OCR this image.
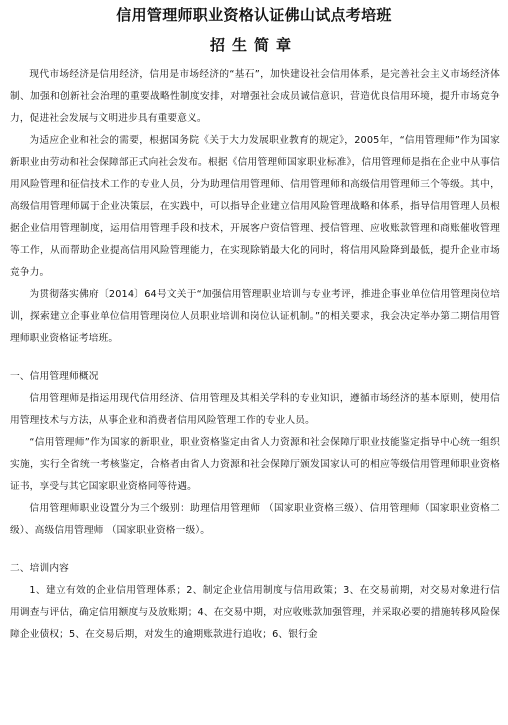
信用管理师职业资格认证佛山试点考培班
招生简章

现代市场经济是信用经济，信用是市场经济的“基石”，加快建设社会信用体系，是完善社会主义市场经济体制、加强和创新社会治理的重要战略性制度安排，对增强社会成员诚信意识，营造优良信用环境，提升市场竞争力，促进社会发展与文明进步具有重要意义。

为适应企业和社会的需要，根据国务院《关于大力发展职业教育的规定》，2005年，“信用管理师”作为国家新职业由劳动和社会保障部正式向社会发布。根据《信用管理师国家职业标准》，信用管理师是指在企业中从事信用风险管理和征信技术工作的专业人员，分为助理信用管理师、信用管理师和高级信用管理师三个等级。其中，高级信用管理师属于企业决策层，在实践中，可以指导企业建立信用风险管理战略和体系，指导信用管理人员根据企业信用管理制度，运用信用管理手段和技术，开展客户资信管理、授信管理、应收账款管理和商账催收管理等工作，从而帮助企业提高信用风险管理能力，在实现除销最大化的同时，将信用风险降到最低，提升企业市场竞争力。

为贯彻落实佛府〔2014〕64号文关于“加强信用管理职业培训与专业考评，推进企事业单位信用管理岗位培训，探索建立企事业单位信用管理岗位人员职业培训和岗位认证机制。”的相关要求，我会决定举办第二期信用管理师职业资格证考培班。

一、信用管理师概况

信用管理师是指运用现代信用经济、信用管理及其相关学科的专业知识，遵循市场经济的基本原则，使用信用管理技术与方法，从事企业和消费者信用风险管理工作的专业人员。

“信用管理师”作为国家的新职业，职业资格鉴定由省人力资源和社会保障厅职业技能鉴定指导中心统一组织实施，实行全省统一考核鉴定，合格者由省人力资源和社会保障厅颁发国家认可的相应等级信用管理师职业资格证书，享受与其它国家职业资格同等待遇。

信用管理师职业设置分为三个级别：助理信用管理师 （国家职业资格三级）、信用管理师（国家职业资格二级）、高级信用管理师 （国家职业资格一级）。

二、培训内容

1、建立有效的企业信用管理体系；2、制定企业信用制度与信用政策；3、在交易前期，对交易对象进行信用调查与评估，确定信用额度与及放账期；4、在交易中期，对应收账款加强管理，并采取必要的措施转移风险保障企业债权；5、在交易后期，对发生的逾期账款进行追收；6、银行金
